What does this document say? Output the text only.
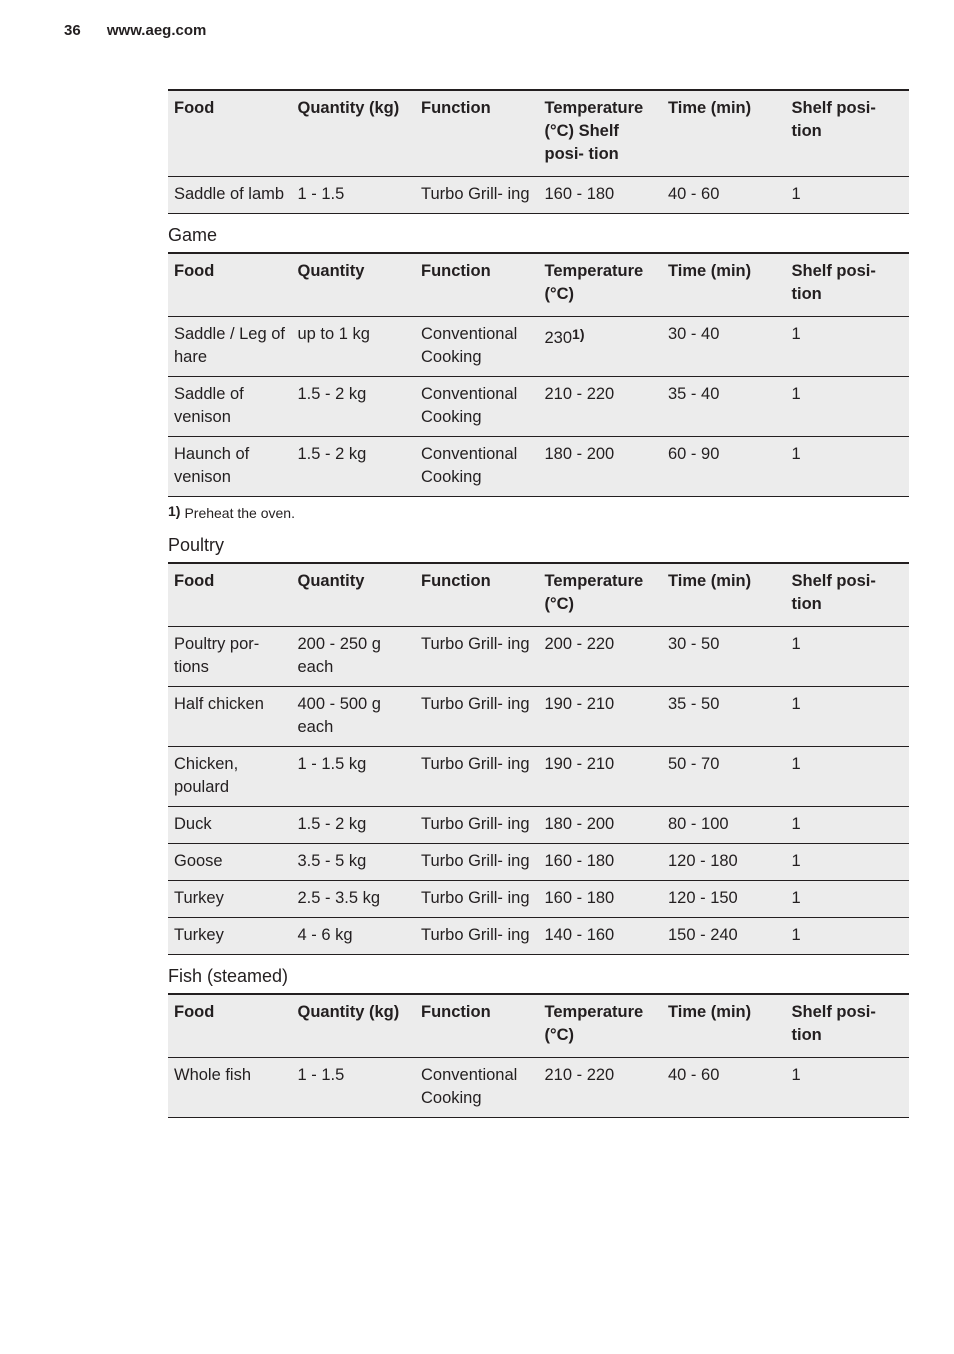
36 www.aeg.com
Food	Quantity (kg)	Function	Temperature (°C) Shelf posi- tion	Time (min)	Shelf posi- tion
Saddle of lamb	1 - 1.5	Turbo Grill- ing	160 - 180	40 - 60	1
Game
Food	Quantity	Function	Temperature (°C)	Time (min)	Shelf posi- tion
Saddle / Leg of hare	up to 1 kg	Conventional Cooking	230$^{1)}$	30 - 40	1
Saddle of venison	1.5 - 2 kg	Conventional Cooking	210 - 220	35 - 40	1
Haunch of venison	1.5 - 2 kg	Conventional Cooking	180 - 200	60 - 90	1
1) Preheat the oven.
Poultry
Food	Quantity	Function	Temperature (°C)	Time (min)	Shelf posi- tion
Poultry por- tions	200 - 250 g each	Turbo Grill- ing	200 - 220	30 - 50	1
Half chicken	400 - 500 g each	Turbo Grill- ing	190 - 210	35 - 50	1
Chicken, poulard	1 - 1.5 kg	Turbo Grill- ing	190 - 210	50 - 70	1
Duck	1.5 - 2 kg	Turbo Grill- ing	180 - 200	80 - 100	1
Goose	3.5 - 5 kg	Turbo Grill- ing	160 - 180	120 - 180	1
Turkey	2.5 - 3.5 kg	Turbo Grill- ing	160 - 180	120 - 150	1
Turkey	4 - 6 kg	Turbo Grill- ing	140 - 160	150 - 240	1
Fish (steamed)
Food	Quantity (kg)	Function	Temperature (°C)	Time (min)	Shelf posi- tion
Whole fish	1 - 1.5	Conventional Cooking	210 - 220	40 - 60	1
